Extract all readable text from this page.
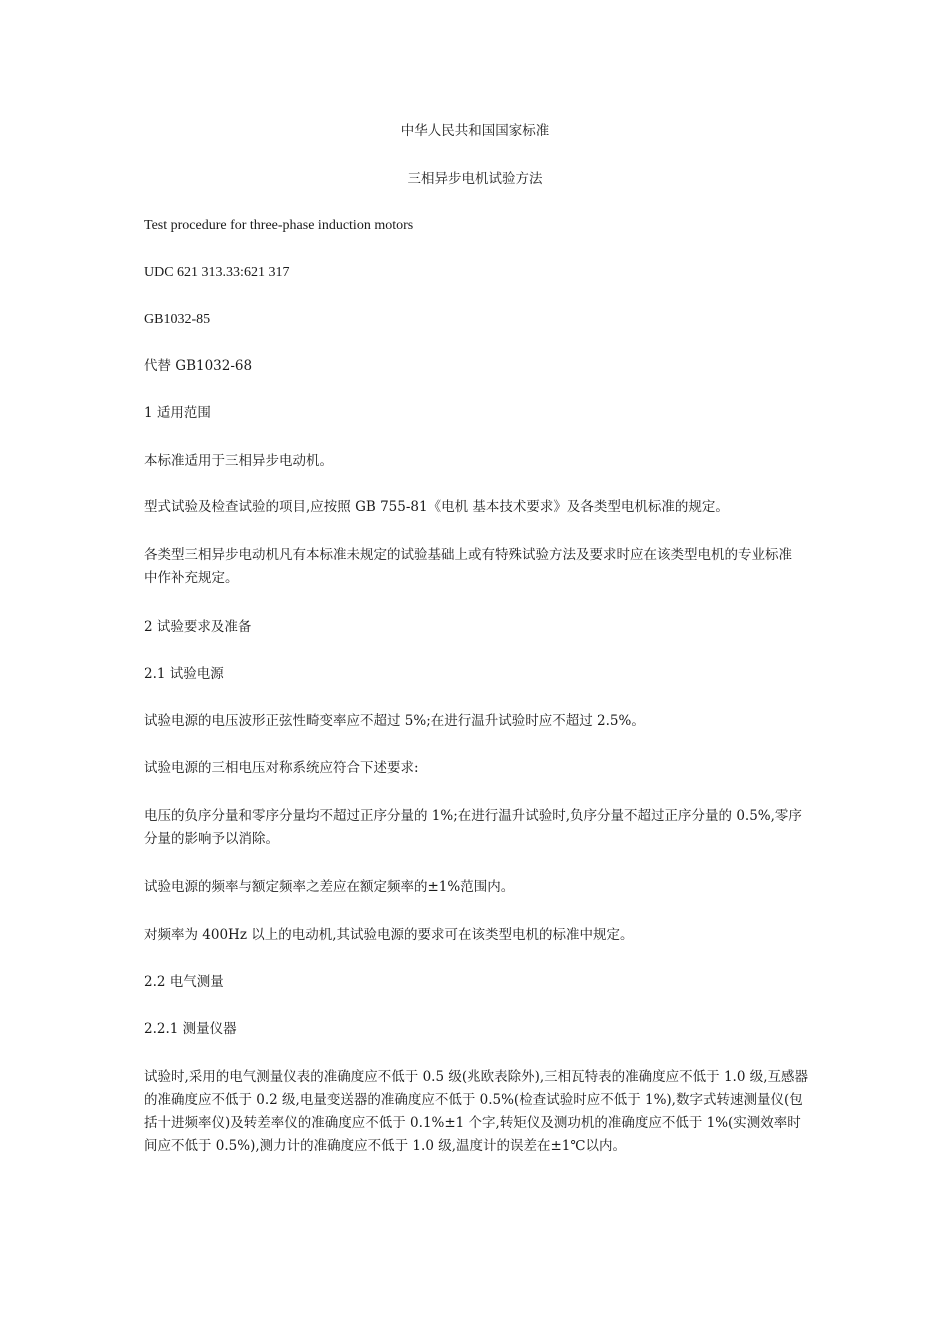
中华人民共和国国家标准
三相异步电机试验方法
Test procedure for three-phase induction motors
UDC 621 313.33:621 317
GB1032-85
代替 GB1032-68
1 适用范围
本标准适用于三相异步电动机。
型式试验及检查试验的项目,应按照 GB 755-81《电机 基本技术要求》及各类型电机标准的规定。
各类型三相异步电动机凡有本标准未规定的试验基础上或有特殊试验方法及要求时应在该类型电机的专业标准中作补充规定。
2 试验要求及准备
2.1 试验电源
试验电源的电压波形正弦性畸变率应不超过 5%;在进行温升试验时应不超过 2.5%。
试验电源的三相电压对称系统应符合下述要求:
电压的负序分量和零序分量均不超过正序分量的 1%;在进行温升试验时,负序分量不超过正序分量的 0.5%,零序分量的影响予以消除。
试验电源的频率与额定频率之差应在额定频率的±1%范围内。
对频率为 400Hz 以上的电动机,其试验电源的要求可在该类型电机的标准中规定。
2.2 电气测量
2.2.1 测量仪器
试验时,采用的电气测量仪表的准确度应不低于 0.5 级(兆欧表除外),三相瓦特表的准确度应不低于 1.0 级,互感器的准确度应不低于 0.2 级,电量变送器的准确度应不低于 0.5%(检查试验时应不低于 1%),数字式转速测量仪(包括十进频率仪)及转差率仪的准确度应不低于 0.1%±1 个字,转矩仪及测功机的准确度应不低于 1%(实测效率时间应不低于 0.5%),测力计的准确度应不低于 1.0 级,温度计的误差在±1℃以内。
